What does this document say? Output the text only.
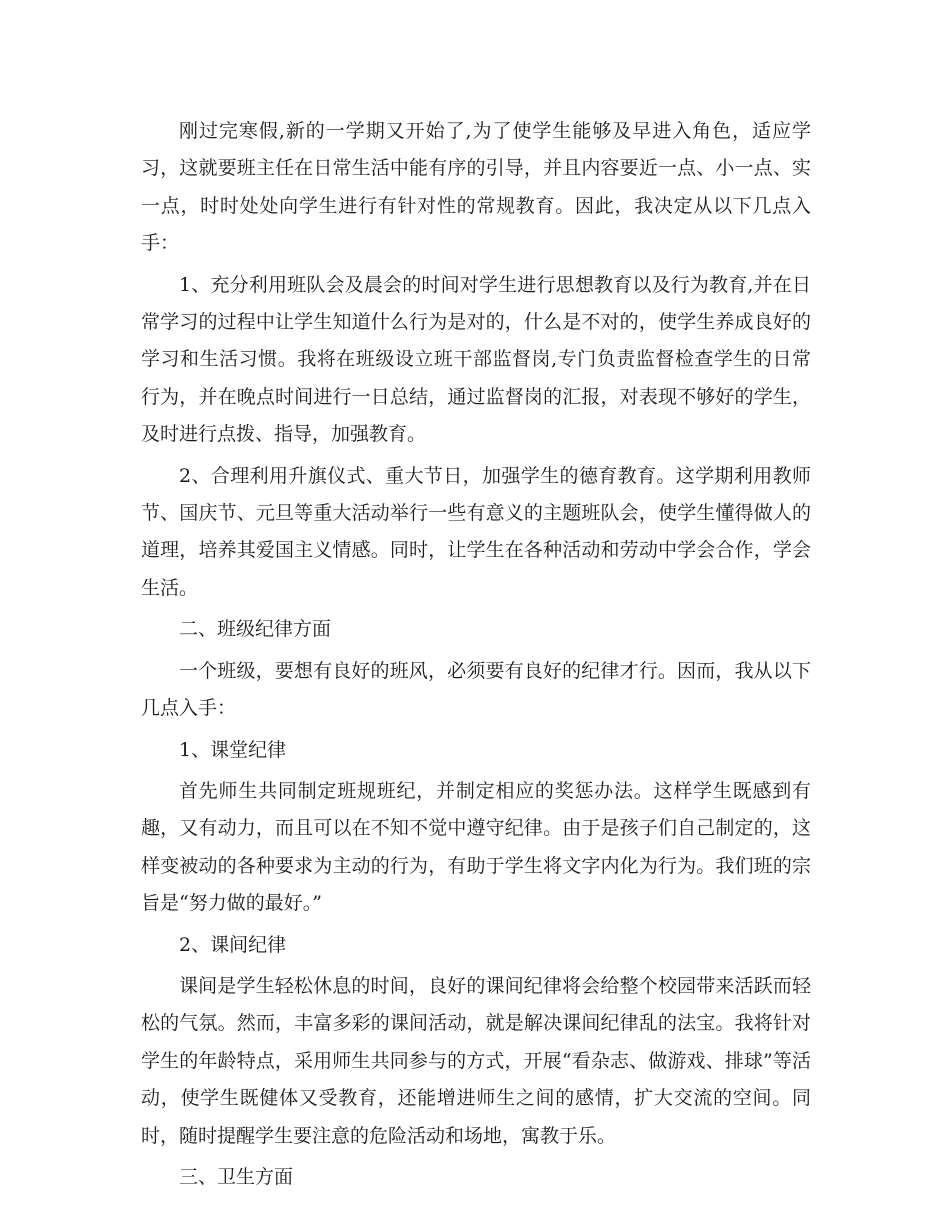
刚过完寒假,新的一学期又开始了,为了使学生能够及早进入角色，适应学习，这就要班主任在日常生活中能有序的引导，并且内容要近一点、小一点、实一点，时时处处向学生进行有针对性的常规教育。因此，我决定从以下几点入手：

1、充分利用班队会及晨会的时间对学生进行思想教育以及行为教育,并在日常学习的过程中让学生知道什么行为是对的，什么是不对的，使学生养成良好的学习和生活习惯。我将在班级设立班干部监督岗,专门负责监督检查学生的日常行为，并在晚点时间进行一日总结，通过监督岗的汇报，对表现不够好的学生，及时进行点拨、指导，加强教育。

2、合理利用升旗仪式、重大节日，加强学生的德育教育。这学期利用教师节、国庆节、元旦等重大活动举行一些有意义的主题班队会，使学生懂得做人的道理，培养其爱国主义情感。同时，让学生在各种活动和劳动中学会合作，学会生活。

二、班级纪律方面

一个班级，要想有良好的班风，必须要有良好的纪律才行。因而，我从以下几点入手：

1、课堂纪律

首先师生共同制定班规班纪，并制定相应的奖惩办法。这样学生既感到有趣，又有动力，而且可以在不知不觉中遵守纪律。由于是孩子们自己制定的，这样变被动的各种要求为主动的行为，有助于学生将文字内化为行为。我们班的宗旨是“努力做的最好。”

2、课间纪律

课间是学生轻松休息的时间，良好的课间纪律将会给整个校园带来活跃而轻松的气氛。然而，丰富多彩的课间活动，就是解决课间纪律乱的法宝。我将针对学生的年龄特点，采用师生共同参与的方式，开展“看杂志、做游戏、排球”等活动，使学生既健体又受教育，还能增进师生之间的感情，扩大交流的空间。同时，随时提醒学生要注意的危险活动和场地，寓教于乐。

三、卫生方面
